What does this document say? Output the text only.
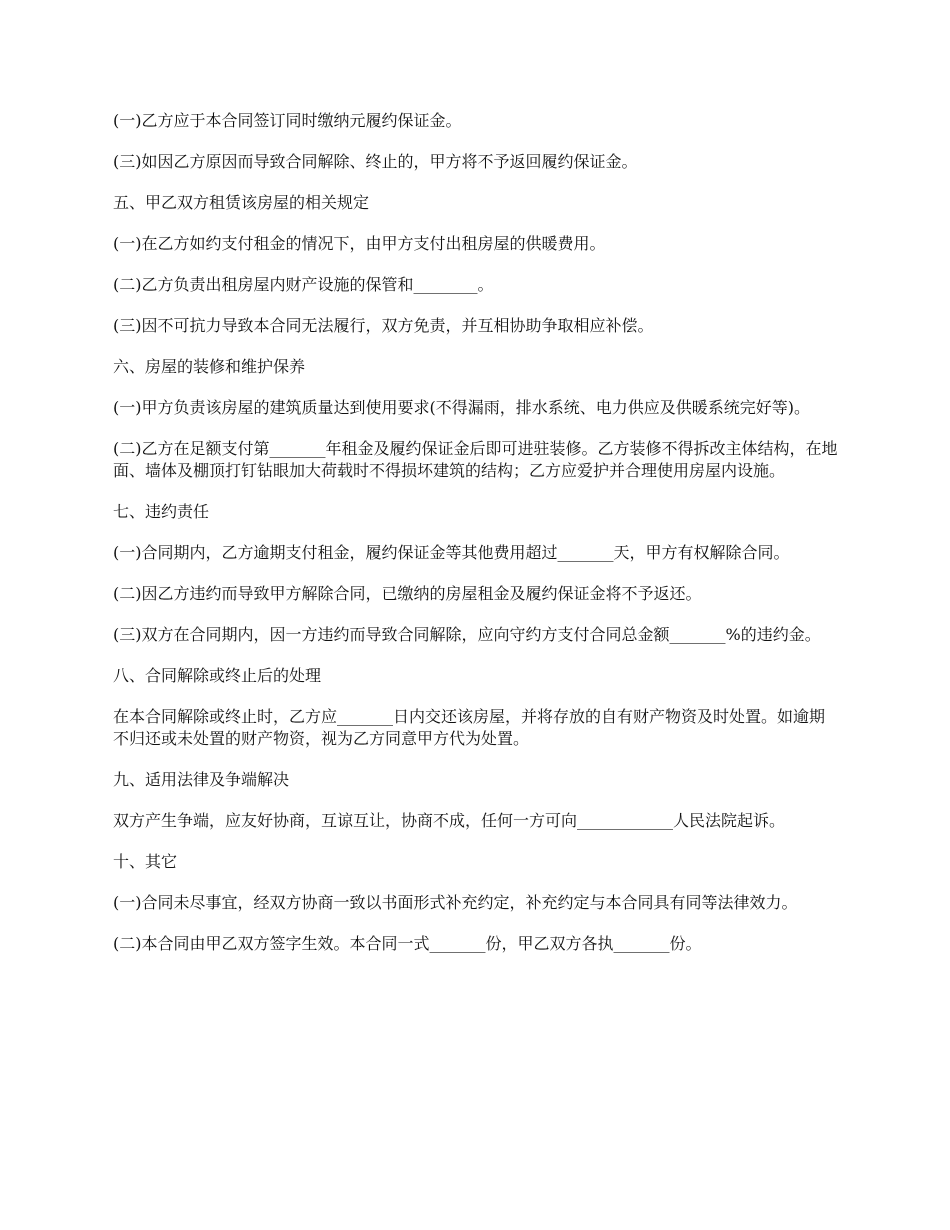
(一)乙方应于本合同签订同时缴纳元履约保证金。

(三)如因乙方原因而导致合同解除、终止的，甲方将不予返回履约保证金。

五、甲乙双方租赁该房屋的相关规定

(一)在乙方如约支付租金的情况下，由甲方支付出租房屋的供暖费用。

(二)乙方负责出租房屋内财产设施的保管和________。

(三)因不可抗力导致本合同无法履行，双方免责，并互相协助争取相应补偿。

六、房屋的装修和维护保养

(一)甲方负责该房屋的建筑质量达到使用要求(不得漏雨，排水系统、电力供应及供暖系统完好等)。

(二)乙方在足额支付第_______年租金及履约保证金后即可进驻装修。乙方装修不得拆改主体结构，在地面、墙体及棚顶打钉钻眼加大荷载时不得损坏建筑的结构；乙方应爱护并合理使用房屋内设施。

七、违约责任

(一)合同期内，乙方逾期支付租金，履约保证金等其他费用超过_______天，甲方有权解除合同。

(二)因乙方违约而导致甲方解除合同，已缴纳的房屋租金及履约保证金将不予返还。

(三)双方在合同期内，因一方违约而导致合同解除，应向守约方支付合同总金额_______%的违约金。

八、合同解除或终止后的处理

在本合同解除或终止时，乙方应_______日内交还该房屋，并将存放的自有财产物资及时处置。如逾期不归还或未处置的财产物资，视为乙方同意甲方代为处置。

九、适用法律及争端解决

双方产生争端，应友好协商，互谅互让，协商不成，任何一方可向____________人民法院起诉。

十、其它

(一)合同未尽事宜，经双方协商一致以书面形式补充约定，补充约定与本合同具有同等法律效力。

(二)本合同由甲乙双方签字生效。本合同一式_______份，甲乙双方各执_______份。
